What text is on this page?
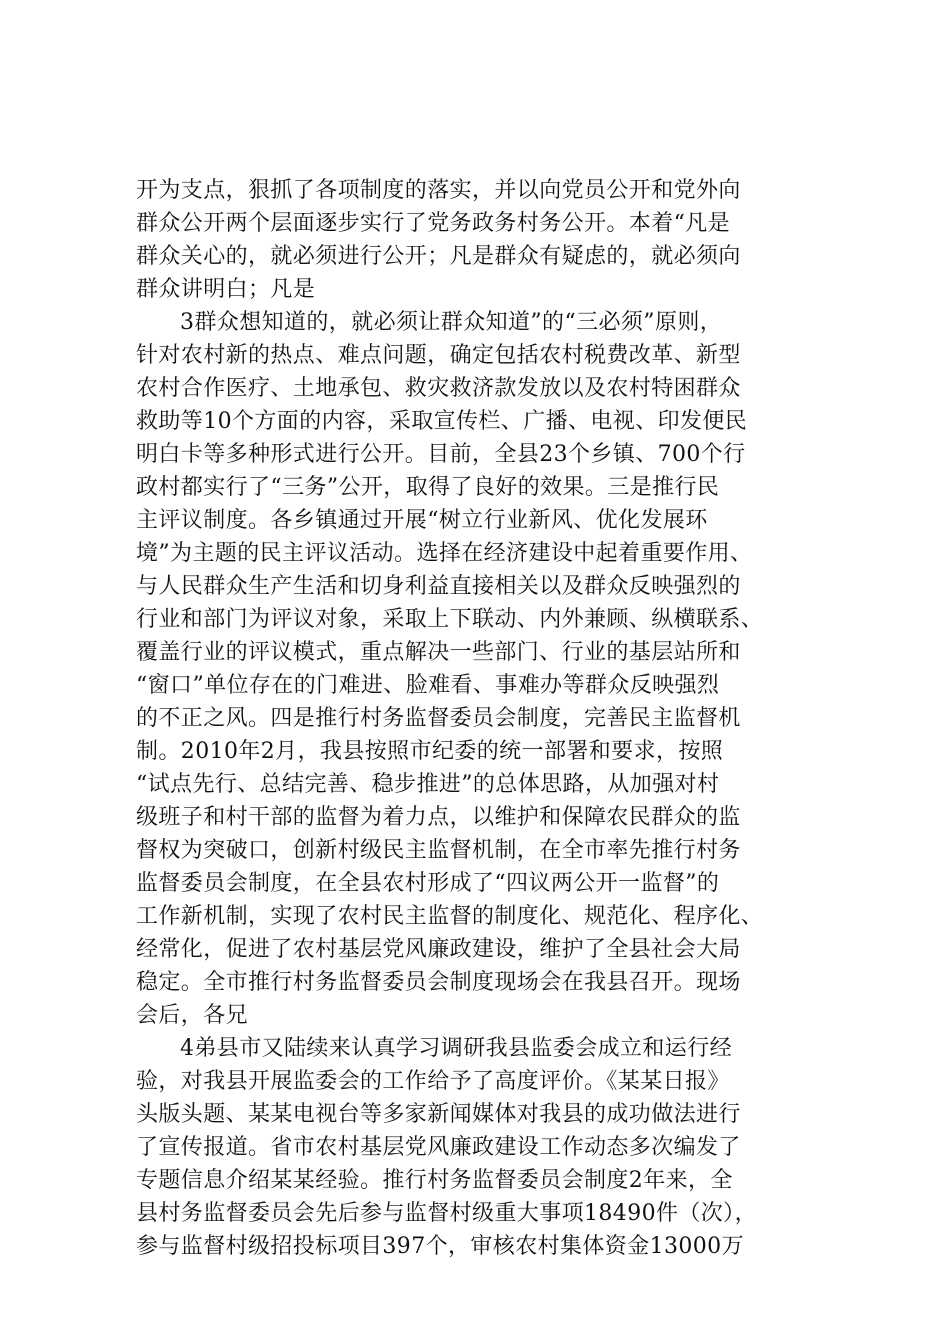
开为支点，狠抓了各项制度的落实，并以向党员公开和党外向
群众公开两个层面逐步实行了党务政务村务公开。本着“凡是
群众关心的，就必须进行公开；凡是群众有疑虑的，就必须向
群众讲明白；凡是
3群众想知道的，就必须让群众知道”的“三必须”原则，
针对农村新的热点、难点问题，确定包括农村税费改革、新型
农村合作医疗、土地承包、救灾救济款发放以及农村特困群众
救助等10个方面的内容，采取宣传栏、广播、电视、印发便民
明白卡等多种形式进行公开。目前，全县23个乡镇、700个行
政村都实行了“三务”公开，取得了良好的效果。三是推行民
主评议制度。各乡镇通过开展“树立行业新风、优化发展环
境”为主题的民主评议活动。选择在经济建设中起着重要作用、
与人民群众生产生活和切身利益直接相关以及群众反映强烈的
行业和部门为评议对象，采取上下联动、内外兼顾、纵横联系、
覆盖行业的评议模式，重点解决一些部门、行业的基层站所和
“窗口”单位存在的门难进、脸难看、事难办等群众反映强烈
的不正之风。四是推行村务监督委员会制度，完善民主监督机
制。2010年2月，我县按照市纪委的统一部署和要求，按照
“试点先行、总结完善、稳步推进”的总体思路，从加强对村
级班子和村干部的监督为着力点，以维护和保障农民群众的监
督权为突破口，创新村级民主监督机制，在全市率先推行村务
监督委员会制度，在全县农村形成了“四议两公开一监督”的
工作新机制，实现了农村民主监督的制度化、规范化、程序化、
经常化，促进了农村基层党风廉政建设，维护了全县社会大局
稳定。全市推行村务监督委员会制度现场会在我县召开。现场
会后，各兄
4弟县市又陆续来认真学习调研我县监委会成立和运行经
验，对我县开展监委会的工作给予了高度评价。《某某日报》
头版头题、某某电视台等多家新闻媒体对我县的成功做法进行
了宣传报道。省市农村基层党风廉政建设工作动态多次编发了
专题信息介绍某某经验。推行村务监督委员会制度2年来，全
县村务监督委员会先后参与监督村级重大事项18490件（次），
参与监督村级招投标项目397个，审核农村集体资金13000万
